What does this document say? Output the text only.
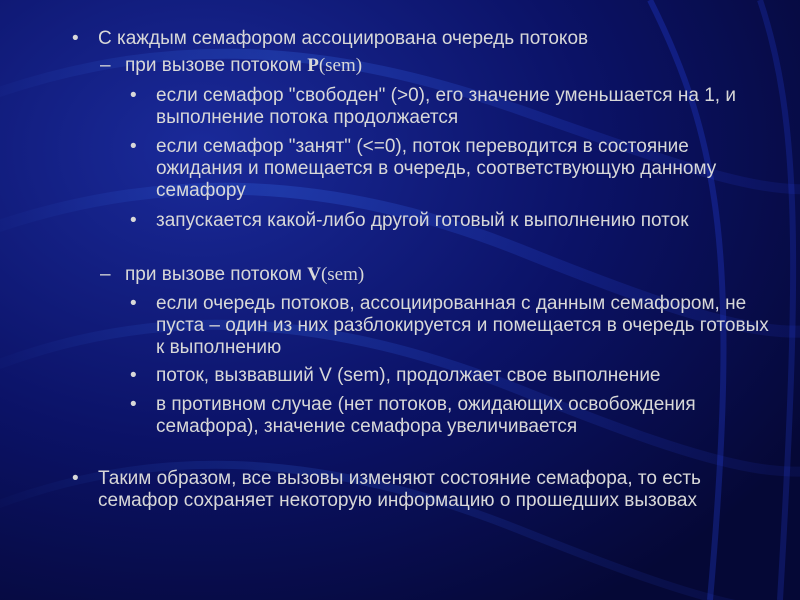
•	С каждым семафором ассоциирована очередь потоков
– при вызове потоком P(sem)
•	если семафор "свободен" (>0), его значение уменьшается на 1, и выполнение потока продолжается
•	если семафор "занят" (<=0), поток переводится в состояние ожидания и помещается в очередь, соответствующую данному семафору
•	запускается какой-либо другой готовый к выполнению поток
– при вызове потоком V(sem)
•	если очередь потоков, ассоциированная с данным семафором, не пуста – один из них разблокируется и помещается в очередь готовых к выполнению
•	поток, вызвавший V (sem), продолжает свое выполнение
•	в противном случае (нет потоков, ожидающих освобождения семафора), значение семафора увеличивается
•	Таким образом, все вызовы изменяют состояние семафора, то есть семафор сохраняет некоторую информацию о прошедших вызовах
